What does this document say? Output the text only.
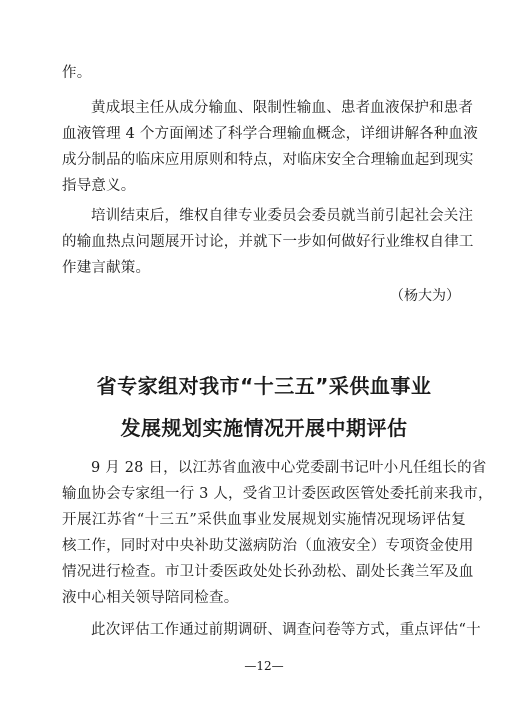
作。
黄成垠主任从成分输血、限制性输血、患者血液保护和患者
血液管理 4 个方面阐述了科学合理输血概念，详细讲解各种血液
成分制品的临床应用原则和特点，对临床安全合理输血起到现实
指导意义。
培训结束后，维权自律专业委员会委员就当前引起社会关注
的输血热点问题展开讨论，并就下一步如何做好行业维权自律工
作建言献策。
（杨大为）
省专家组对我市“十三五”采供血事业
发展规划实施情况开展中期评估
9 月 28 日，以江苏省血液中心党委副书记叶小凡任组长的省
输血协会专家组一行 3 人，受省卫计委医政医管处委托前来我市，
开展江苏省“十三五”采供血事业发展规划实施情况现场评估复
核工作，同时对中央补助艾滋病防治（血液安全）专项资金使用
情况进行检查。市卫计委医政处处长孙劲松、副处长龚兰军及血
液中心相关领导陪同检查。
此次评估工作通过前期调研、调查问卷等方式，重点评估“十
—12—
